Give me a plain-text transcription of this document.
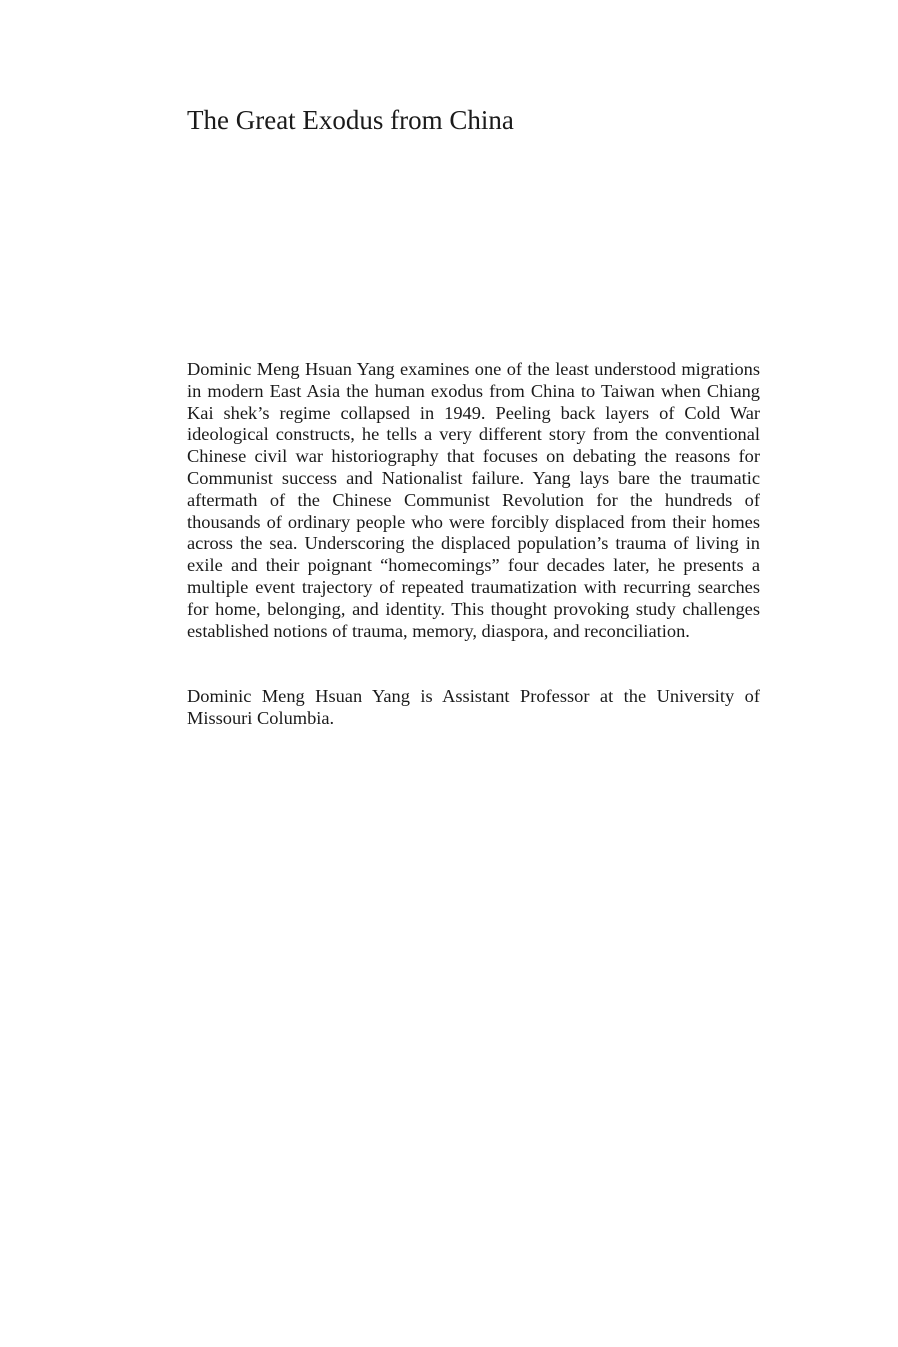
The Great Exodus from China

Dominic Meng Hsuan Yang examines one of the least understood migrations in modern East Asia the human exodus from China to Taiwan when Chiang Kai shek’s regime collapsed in 1949. Peeling back layers of Cold War ideological constructs, he tells a very different story from the conventional Chinese civil war historiography that focuses on debating the reasons for Communist success and Nationalist failure. Yang lays bare the traumatic aftermath of the Chinese Communist Revolution for the hundreds of thousands of ordinary people who were forcibly displaced from their homes across the sea. Underscoring the displaced population’s trauma of living in exile and their poignant “homecomings” four decades later, he presents a multiple event trajectory of repeated traumatization with recurring searches for home, belonging, and identity. This thought provoking study challenges established notions of trauma, memory, diaspora, and reconciliation.

Dominic Meng Hsuan Yang is Assistant Professor at the University of Missouri Columbia.
